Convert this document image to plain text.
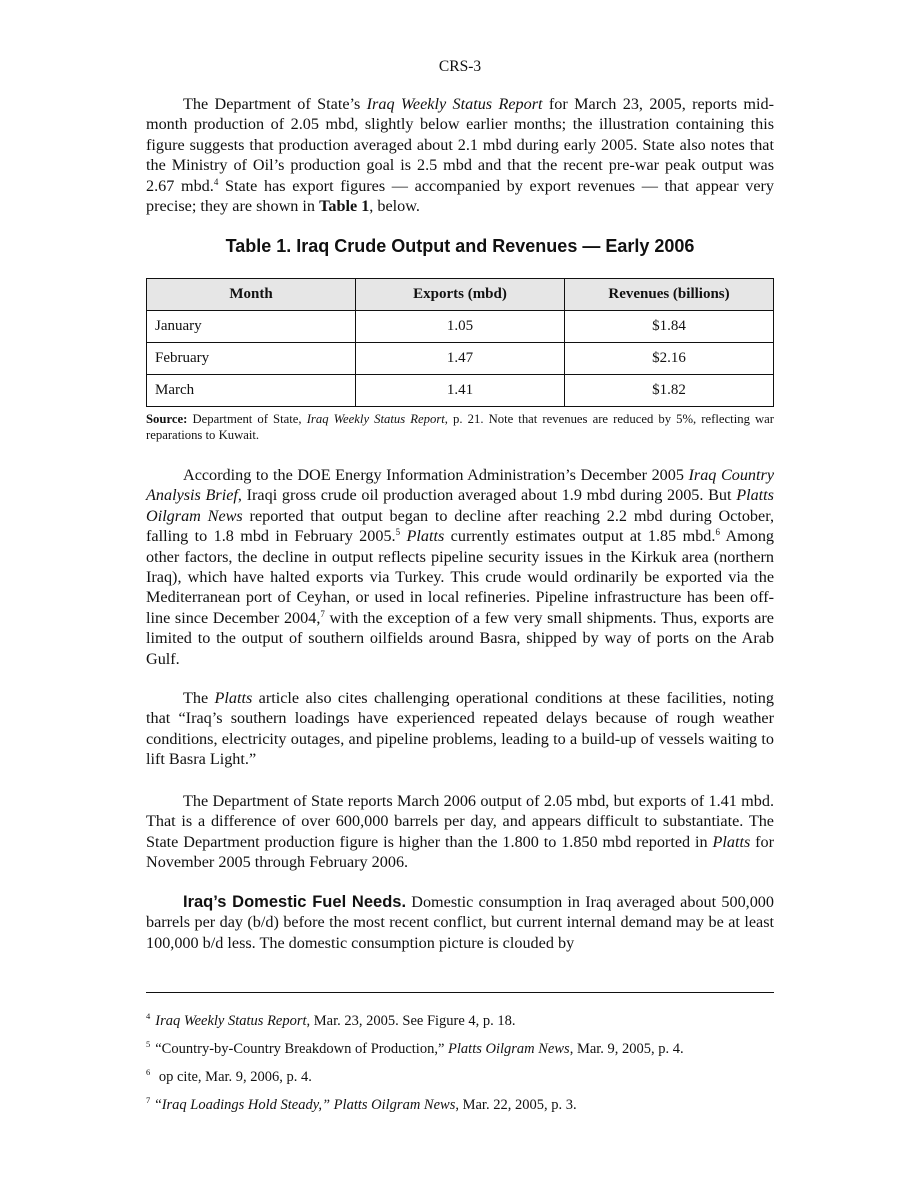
CRS-3

The Department of State’s Iraq Weekly Status Report for March 23, 2005, reports mid-month production of 2.05 mbd, slightly below earlier months; the illustration containing this figure suggests that production averaged about 2.1 mbd during early 2005. State also notes that the Ministry of Oil’s production goal is 2.5 mbd and that the recent pre-war peak output was 2.67 mbd.$^4$ State has export figures — accompanied by export revenues — that appear very precise; they are shown in Table 1, below.

Table 1. Iraq Crude Output and Revenues — Early 2006
Month	Exports (mbd)	Revenues (billions)
January	1.05	$1.84
February	1.47	$2.16
March	1.41	$1.82
Source: Department of State, Iraq Weekly Status Report, p. 21. Note that revenues are reduced by 5%, reflecting war reparations to Kuwait.

According to the DOE Energy Information Administration’s December 2005 Iraq Country Analysis Brief, Iraqi gross crude oil production averaged about 1.9 mbd during 2005. But Platts Oilgram News reported that output began to decline after reaching 2.2 mbd during October, falling to 1.8 mbd in February 2005.$^5$ Platts currently estimates output at 1.85 mbd.$^6$ Among other factors, the decline in output reflects pipeline security issues in the Kirkuk area (northern Iraq), which have halted exports via Turkey. This crude would ordinarily be exported via the Mediterranean port of Ceyhan, or used in local refineries. Pipeline infrastructure has been off-line since December 2004,$^7$ with the exception of a few very small shipments. Thus, exports are limited to the output of southern oilfields around Basra, shipped by way of ports on the Arab Gulf.

The Platts article also cites challenging operational conditions at these facilities, noting that “Iraq’s southern loadings have experienced repeated delays because of rough weather conditions, electricity outages, and pipeline problems, leading to a build-up of vessels waiting to lift Basra Light.”

The Department of State reports March 2006 output of 2.05 mbd, but exports of 1.41 mbd. That is a difference of over 600,000 barrels per day, and appears difficult to substantiate. The State Department production figure is higher than the 1.800 to 1.850 mbd reported in Platts for November 2005 through February 2006.

Iraq’s Domestic Fuel Needs. Domestic consumption in Iraq averaged about 500,000 barrels per day (b/d) before the most recent conflict, but current internal demand may be at least 100,000 b/d less. The domestic consumption picture is clouded by

$^4$ Iraq Weekly Status Report, Mar. 23, 2005. See Figure 4, p. 18.
$^5$ “Country-by-Country Breakdown of Production,” Platts Oilgram News, Mar. 9, 2005, p. 4.
$^6$ op cite, Mar. 9, 2006, p. 4.
$^7$ “Iraq Loadings Hold Steady,” Platts Oilgram News, Mar. 22, 2005, p. 3.
